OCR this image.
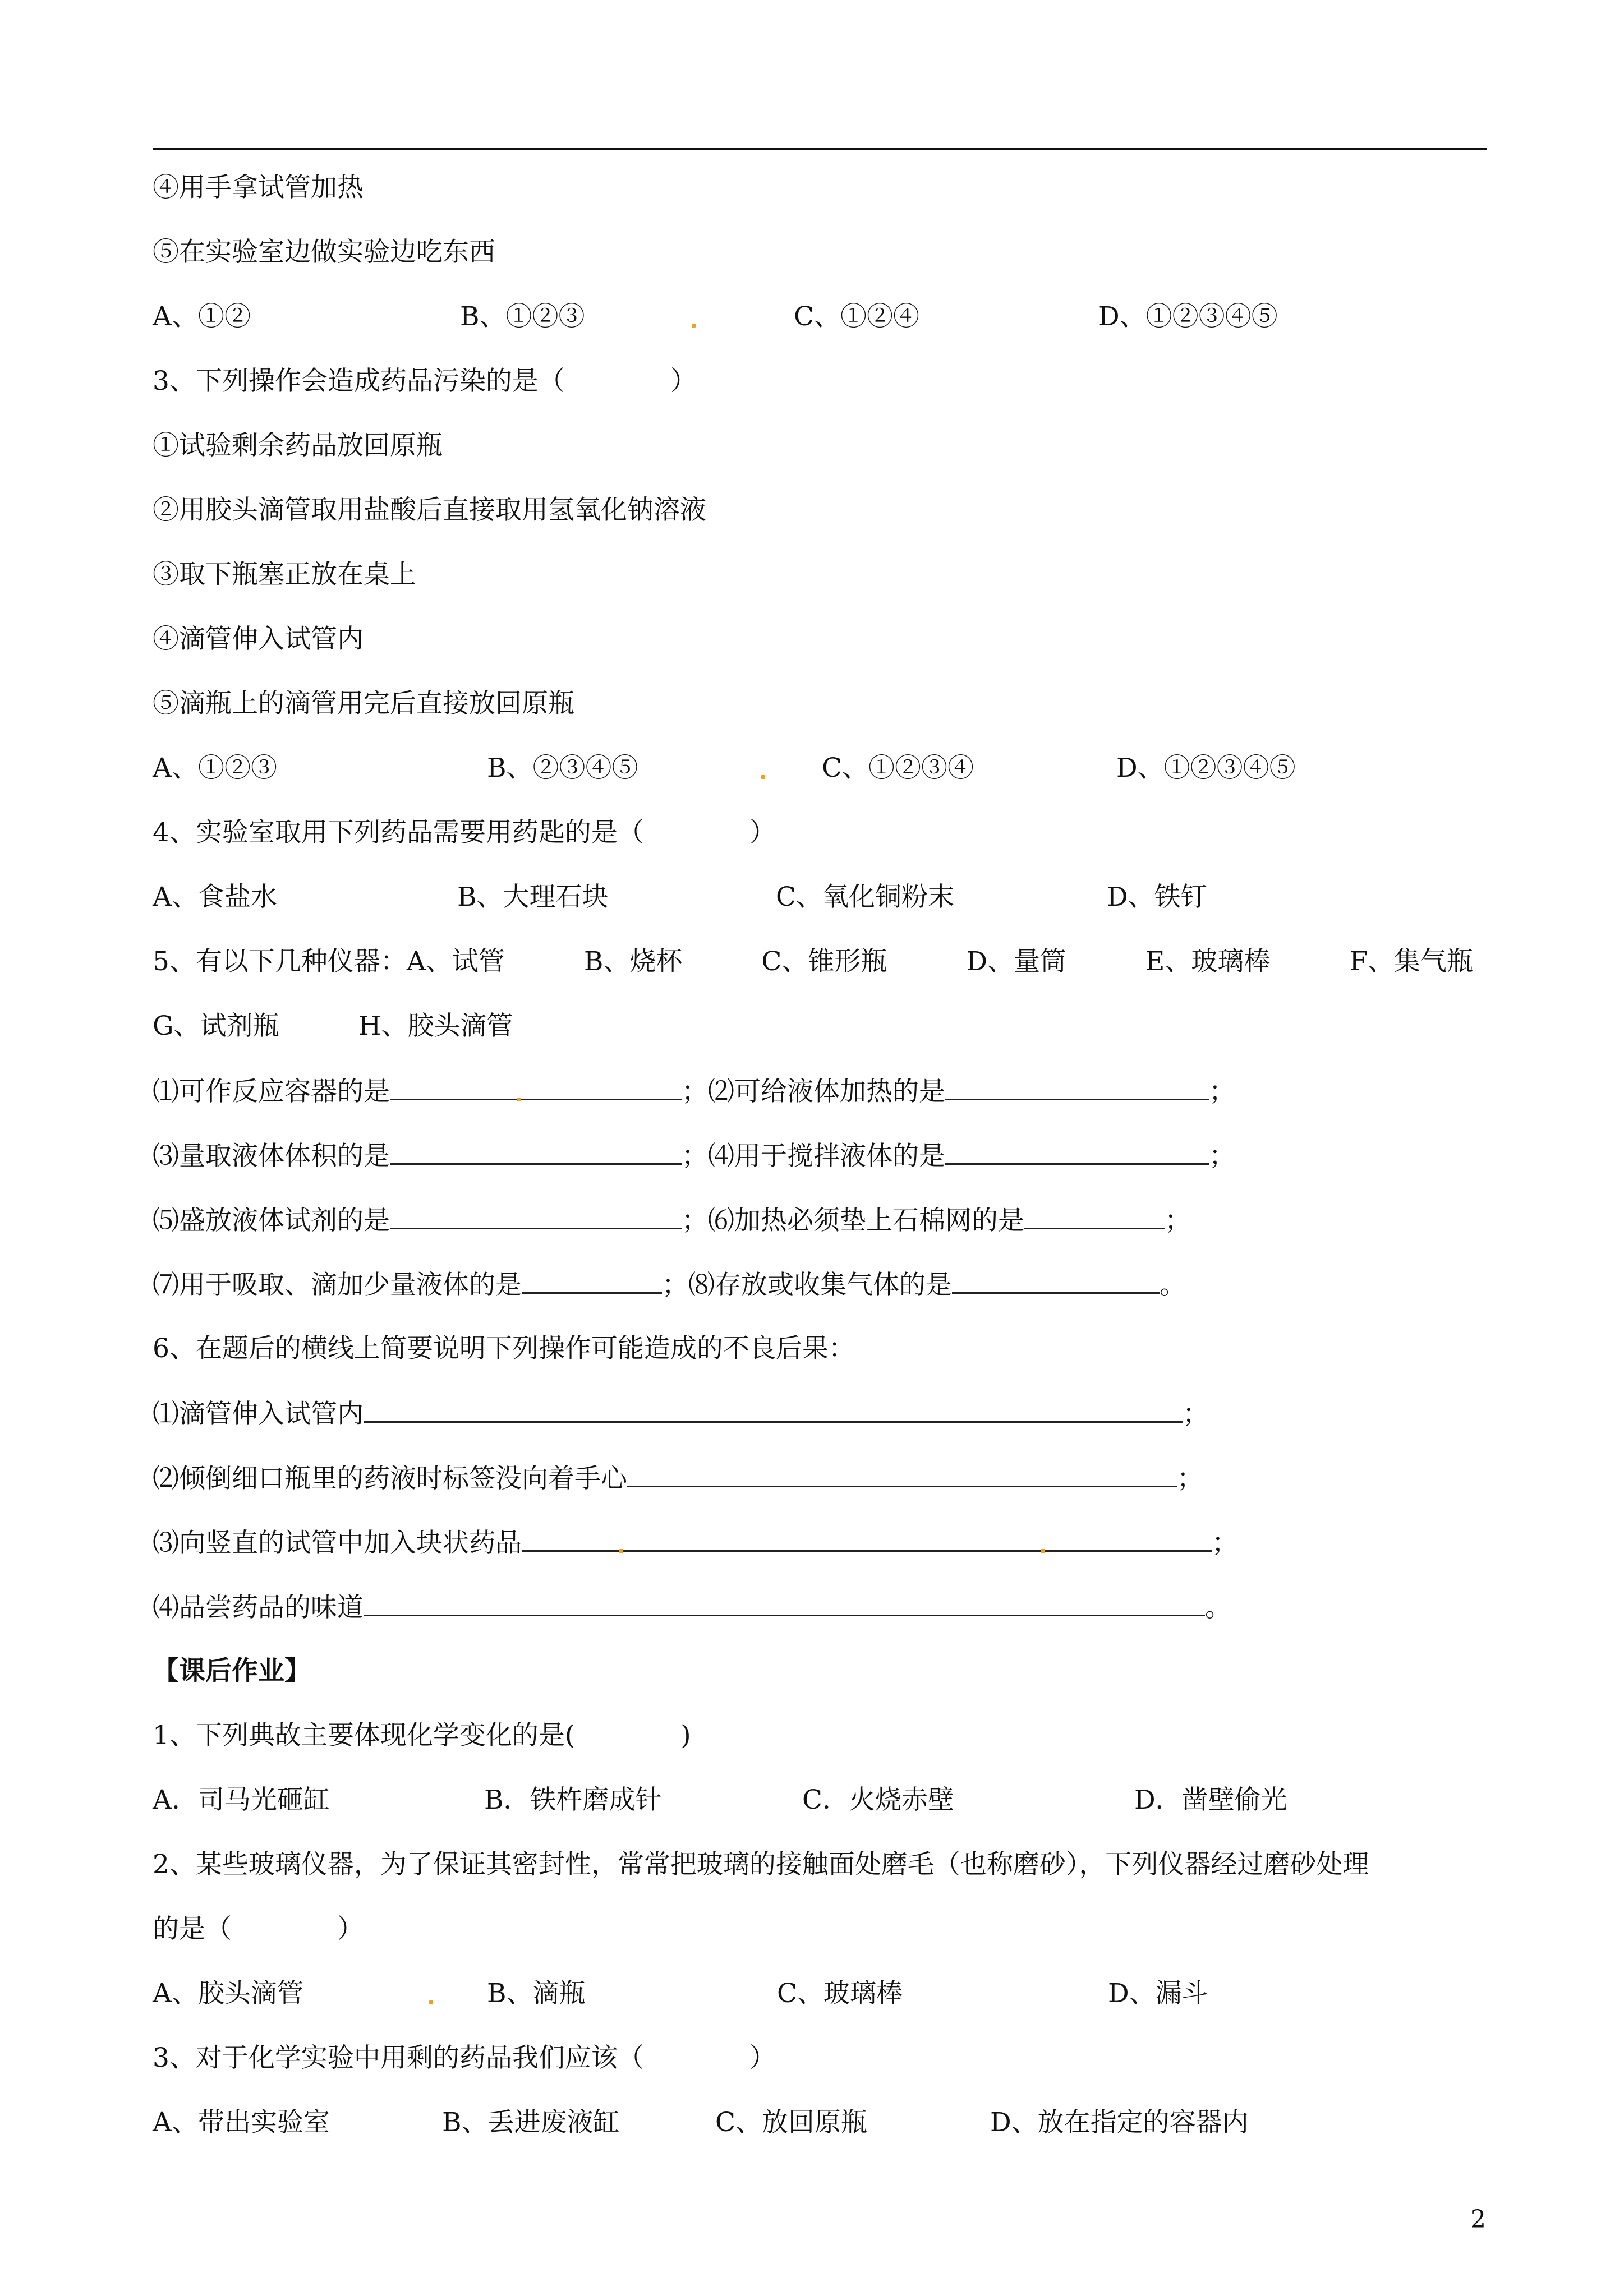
④用手拿试管加热
⑤在实验室边做实验边吃东西
A、①②	B、①②③	C、①②④	D、①②③④⑤
3、下列操作会造成药品污染的是（　　　　）
①试验剩余药品放回原瓶
②用胶头滴管取用盐酸后直接取用氢氧化钠溶液
③取下瓶塞正放在桌上
④滴管伸入试管内
⑤滴瓶上的滴管用完后直接放回原瓶
A、①②③	B、②③④⑤	C、①②③④	D、①②③④⑤
4、实验室取用下列药品需要用药匙的是（　　　　）
A、食盐水	B、大理石块	C、氧化铜粉末	D、铁钉
5、有以下几种仪器：A、试管　　　B、烧杯　　　C、锥形瓶　　　D、量筒　　　E、玻璃棒　　　F、集气瓶
G、试剂瓶　　　H、胶头滴管
⑴可作反应容器的是	；⑵可给液体加热的是	；
⑶量取液体体积的是	；⑷用于搅拌液体的是	；
⑸盛放液体试剂的是	；⑹加热必须垫上石棉网的是	；
⑺用于吸取、滴加少量液体的是	；⑻存放或收集气体的是	。
6、在题后的横线上简要说明下列操作可能造成的不良后果：
⑴滴管伸入试管内	；
⑵倾倒细口瓶里的药液时标签没向着手心	；
⑶向竖直的试管中加入块状药品	；
⑷品尝药品的味道	。
【课后作业】
1、下列典故主要体现化学变化的是(　　　　)
A．司马光砸缸	B．铁杵磨成针	C．火烧赤壁	D．凿壁偷光
2、某些玻璃仪器，为了保证其密封性，常常把玻璃的接触面处磨毛（也称磨砂），下列仪器经过磨砂处理
的是（　　　　）
A、胶头滴管	B、滴瓶	C、玻璃棒	D、漏斗
3、对于化学实验中用剩的药品我们应该（　　　　）
A、带出实验室	B、丢进废液缸	C、放回原瓶	D、放在指定的容器内
2
